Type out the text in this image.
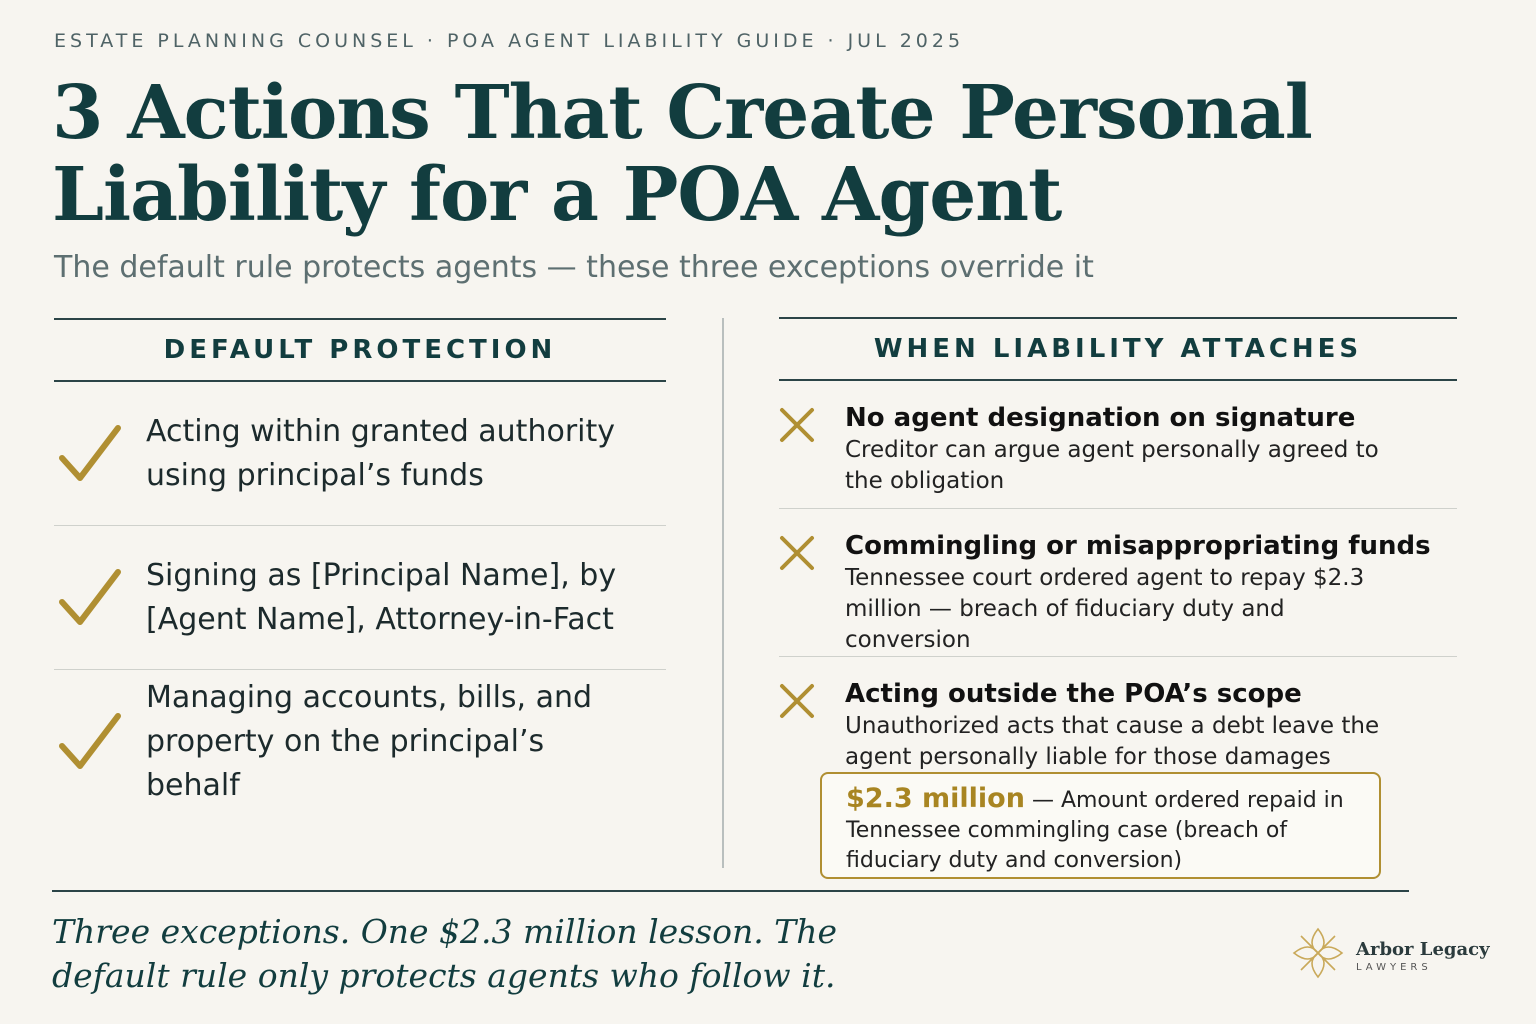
ESTATE PLANNING COUNSEL · POA AGENT LIABILITY GUIDE · JUL 2025
3 Actions That Create Personal Liability for a POA Agent
The default rule protects agents — these three exceptions override it
DEFAULT PROTECTION
Acting within granted authority using principal’s funds
Signing as [Principal Name], by [Agent Name], Attorney-in-Fact
Managing accounts, bills, and property on the principal’s behalf
WHEN LIABILITY ATTACHES
No agent designation on signature
Creditor can argue agent personally agreed to the obligation
Commingling or misappropriating funds
Tennessee court ordered agent to repay $2.3 million — breach of fiduciary duty and conversion
Acting outside the POA’s scope
Unauthorized acts that cause a debt leave the agent personally liable for those damages
$2.3 million — Amount ordered repaid in Tennessee commingling case (breach of fiduciary duty and conversion)
Three exceptions. One $2.3 million lesson. The default rule only protects agents who follow it.
Arbor Legacy
LAWYERS
